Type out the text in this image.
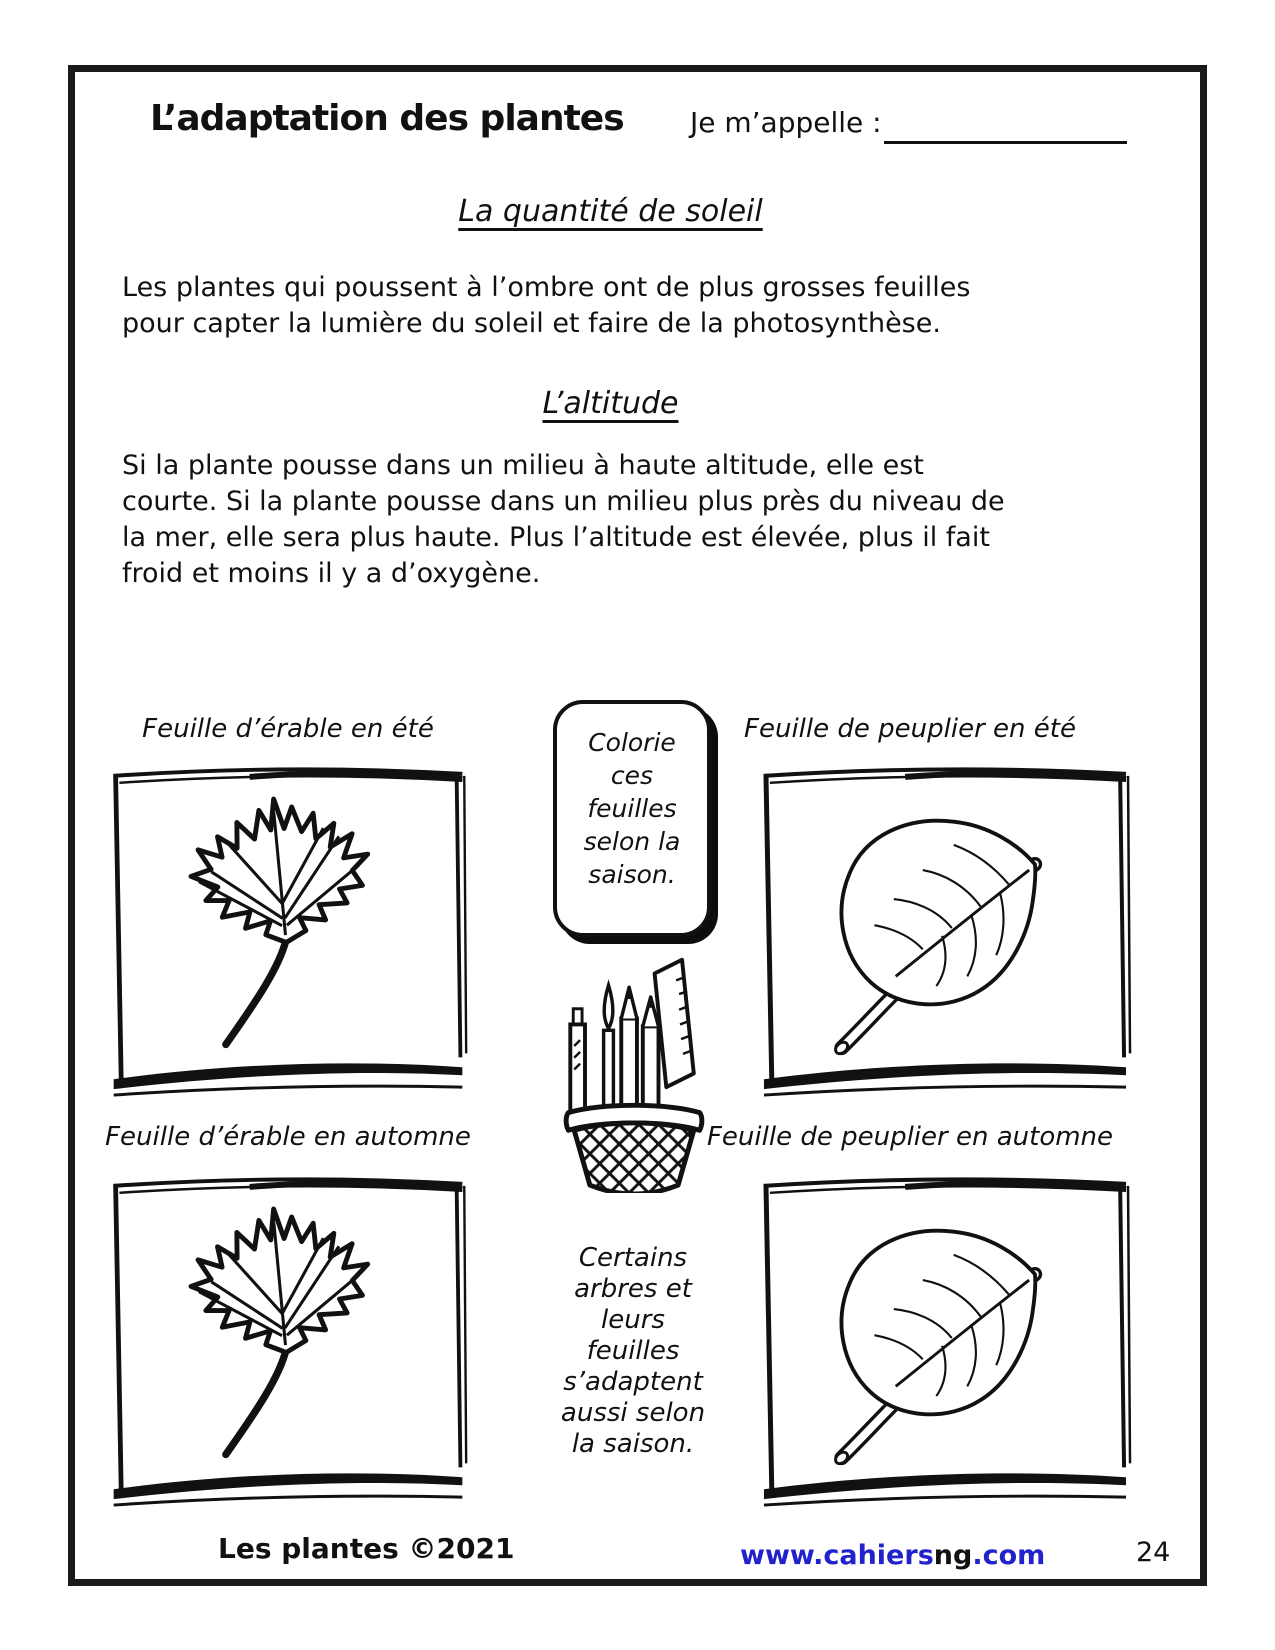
L’adaptation des plantes Je m’appelle :
La quantité de soleil
Les plantes qui poussent à l’ombre ont de plus grosses feuilles
pour capter la lumière du soleil et faire de la photosynthèse.
L’altitude
Si la plante pousse dans un milieu à haute altitude, elle est
courte. Si la plante pousse dans un milieu plus près du niveau de
la mer, elle sera plus haute. Plus l’altitude est élevée, plus il fait
froid et moins il y a d’oxygène.
Feuille d’érable en été	Feuille de peuplier en été
Colorie
ces
feuilles
selon la
saison.
Certains
arbres et
leurs
feuilles
s’adaptent
aussi selon
la saison.
Feuille d’érable en automne	Feuille de peuplier en automne
Les plantes ©2021	www.cahiersng.com	24
